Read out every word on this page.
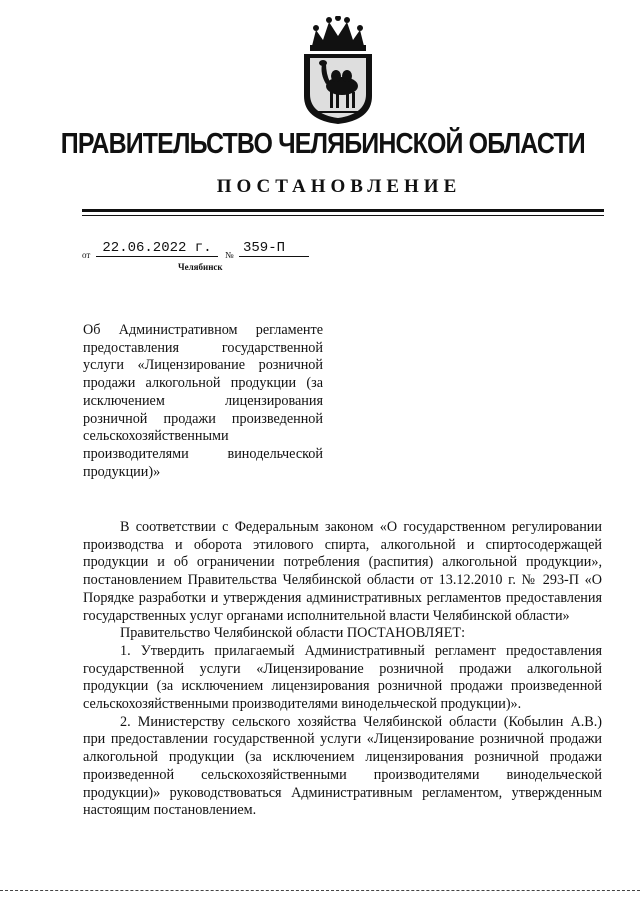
ПРАВИТЕЛЬСТВО ЧЕЛЯБИНСКОЙ ОБЛАСТИ
ПОСТАНОВЛЕНИЕ
от 22.06.2022 г.	№ 359-П
Челябинск
Об Административном регламенте предоставления государственной услуги «Лицензирование розничной продажи алкогольной продукции (за исключением лицензирования розничной продажи произведенной сельскохозяйственными производителями винодельческой продукции)»

В соответствии с Федеральным законом «О государственном регулировании производства и оборота этилового спирта, алкогольной и спиртосодержащей продукции и об ограничении потребления (распития) алкогольной продукции», постановлением Правительства Челябинской области от 13.12.2010 г. № 293-П «О Порядке разработки и утверждения административных регламентов предоставления государственных услуг органами исполнительной власти Челябинской области»

Правительство Челябинской области ПОСТАНОВЛЯЕТ:

1. Утвердить прилагаемый Административный регламент предоставления государственной услуги «Лицензирование розничной продажи алкогольной продукции (за исключением лицензирования розничной продажи произведенной сельскохозяйственными производителями винодельческой продукции)».

2. Министерству сельского хозяйства Челябинской области (Кобылин А.В.) при предоставлении государственной услуги «Лицензирование розничной продажи алкогольной продукции (за исключением лицензирования розничной продажи произведенной сельскохозяйственными производителями винодельческой продукции)» руководствоваться Административным регламентом, утвержденным настоящим постановлением.
